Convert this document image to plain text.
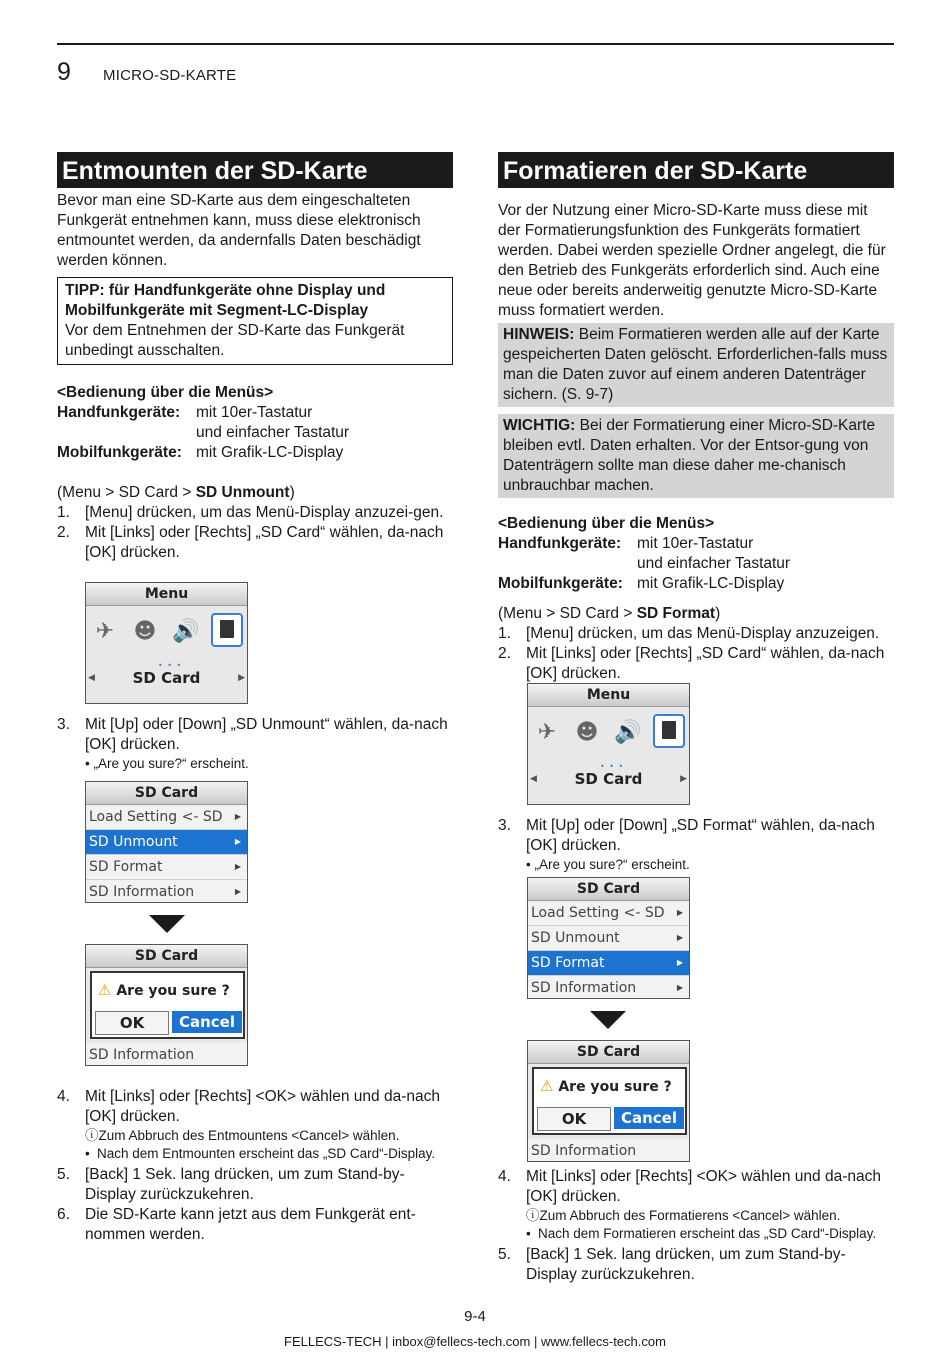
9 MICRO-SD-KARTE
Entmounten der SD-Karte

Bevor man eine SD-Karte aus dem eingeschalteten Funkgerät entnehmen kann, muss diese elektronisch entmountet werden, da andernfalls Daten beschädigt werden können.

TIPP: für Handfunkgeräte ohne Display und Mobilfunkgeräte mit Segment-LC-Display
Vor dem Entnehmen der SD-Karte das Funkgerät unbedingt ausschalten.

<Bedienung über die Menüs>

Handfunkgeräte:	mit 10er-Tastatur
und einfacher Tastatur
Mobilfunkgeräte: mit Grafik-LC-Display

(Menu > SD Card > SD Unmount)

1. [Menu] drücken, um das Menü-Display anzuzei-gen.
2. Mit [Links] oder [Rechts] „SD Card“ wählen, da-nach [OK] drücken.
Menu
✈ ☻ 🔊
• • •
◀	SD Card	▶
3. Mit [Up] oder [Down] „SD Unmount“ wählen, da-nach [OK] drücken.
• „Are you sure?“ erscheint.
SD Card
Load Setting <- SD ▶
SD Unmount	▶
SD Format	▶
SD Information	▶
SD Card
SD Information
⚠ Are you sure ?
OK	Cancel
4. Mit [Links] oder [Rechts] <OK> wählen und da-nach [OK] drücken.
ⓘZum Abbruch des Entmountens <Cancel> wählen.
• Nach dem Entmounten erscheint das „SD Card“-Display.
5. [Back] 1 Sek. lang drücken, um zum Stand-by-Display zurückzukehren.
6. Die SD-Karte kann jetzt aus dem Funkgerät ent-nommen werden.
Formatieren der SD-Karte

Vor der Nutzung einer Micro-SD-Karte muss diese mit der Formatierungsfunktion des Funkgeräts formatiert werden. Dabei werden spezielle Ordner angelegt, die für den Betrieb des Funkgeräts erforderlich sind. Auch eine neue oder bereits anderweitig genutzte Micro-SD-Karte muss formatiert werden.

HINWEIS: Beim Formatieren werden alle auf der Karte gespeicherten Daten gelöscht. Erforderlichen-falls muss man die Daten zuvor auf einem anderen Datenträger sichern. (S. 9-7)
WICHTIG: Bei der Formatierung einer Micro-SD-Karte bleiben evtl. Daten erhalten. Vor der Entsor-gung von Datenträgern sollte man diese daher me-chanisch unbrauchbar machen.

<Bedienung über die Menüs>

Handfunkgeräte:	mit 10er-Tastatur
und einfacher Tastatur
Mobilfunkgeräte: mit Grafik-LC-Display

(Menu > SD Card > SD Format)

1. [Menu] drücken, um das Menü-Display anzuzeigen.
2. Mit [Links] oder [Rechts] „SD Card“ wählen, da-nach [OK] drücken.
Menu
✈ ☻ 🔊
• • •
◀	SD Card	▶
3. Mit [Up] oder [Down] „SD Format“ wählen, da-nach [OK] drücken.
• „Are you sure?“ erscheint.
SD Card
Load Setting <- SD ▶
SD Unmount	▶
SD Format	▶
SD Information	▶
SD Card
SD Information
⚠ Are you sure ?
OK	Cancel
4. Mit [Links] oder [Rechts] <OK> wählen und da-nach [OK] drücken.
ⓘZum Abbruch des Formatierens <Cancel> wählen.
• Nach dem Formatieren erscheint das „SD Card“-Display.
5. [Back] 1 Sek. lang drücken, um zum Stand-by-Display zurückzukehren.
9-4
FELLECS-TECH | inbox@fellecs-tech.com | www.fellecs-tech.com
